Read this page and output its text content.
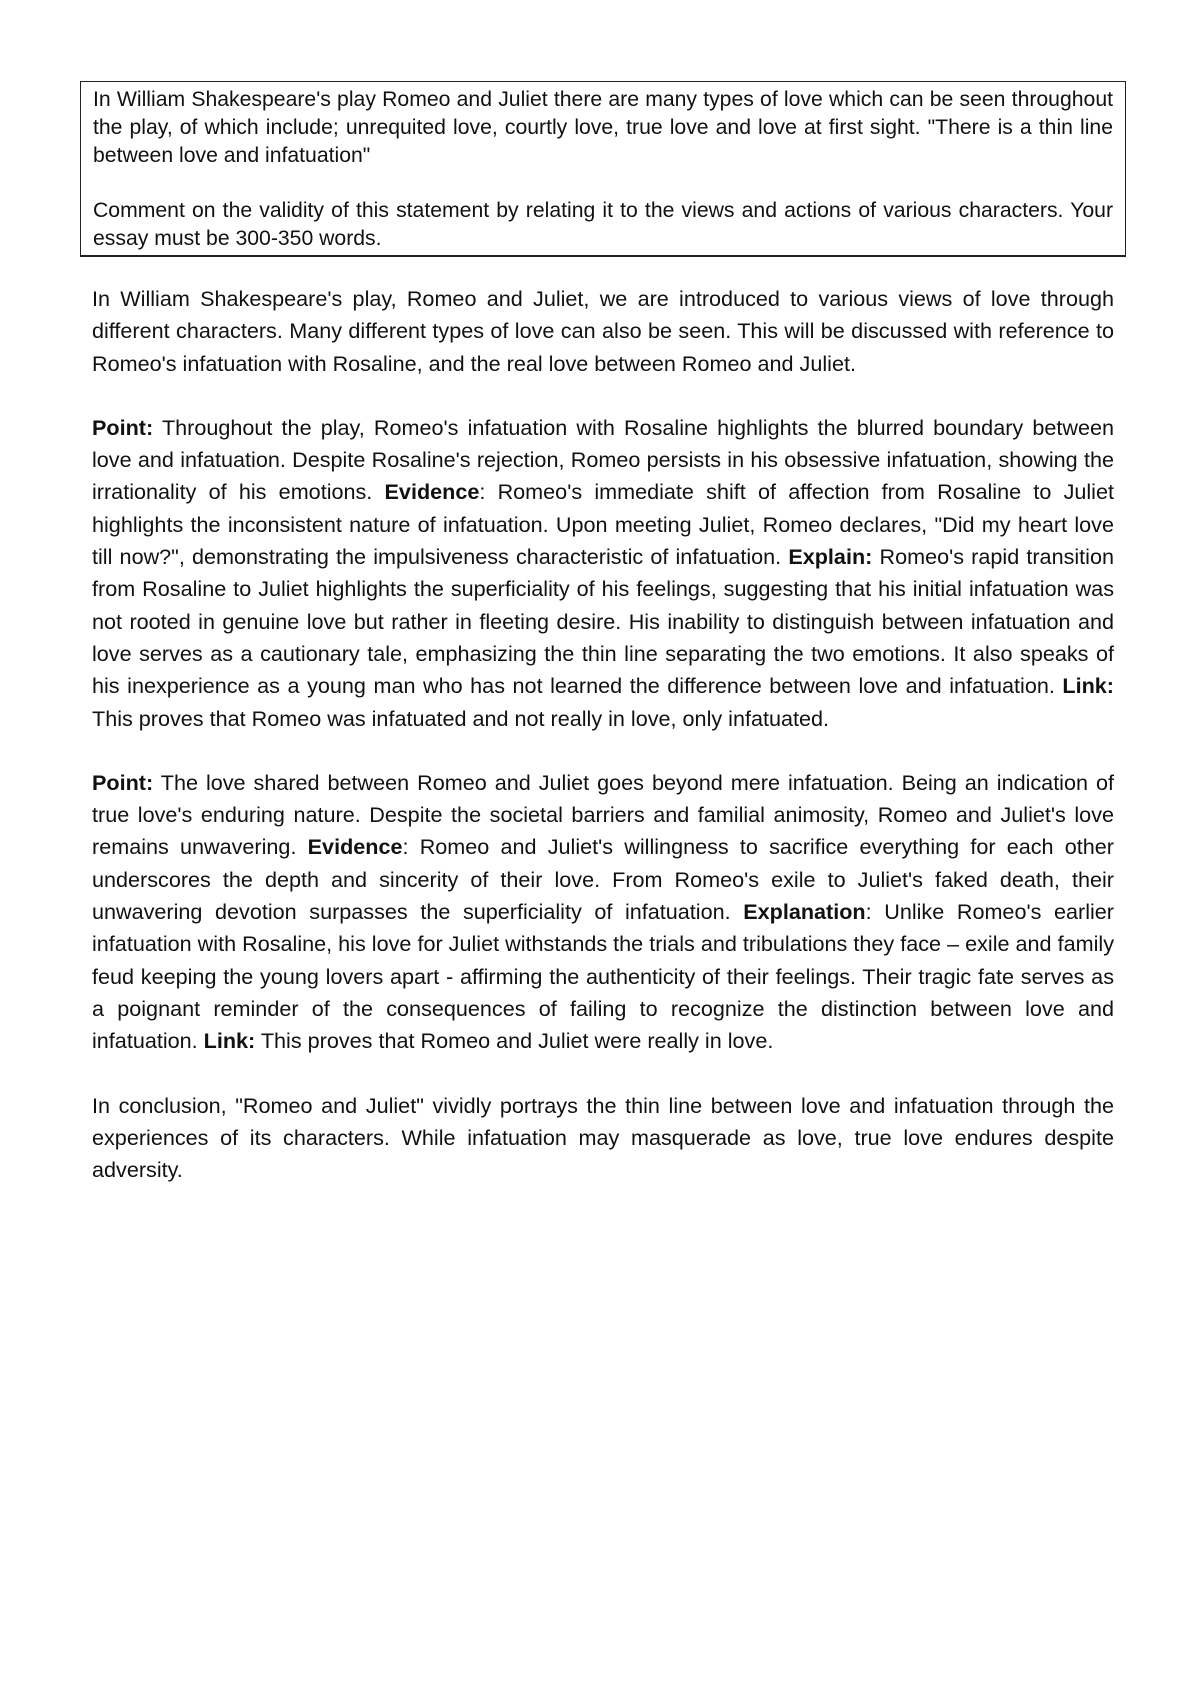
In William Shakespeare's play Romeo and Juliet there are many types of love which can be seen throughout the play, of which include; unrequited love, courtly love, true love and love at first sight. "There is a thin line between love and infatuation"

Comment on the validity of this statement by relating it to the views and actions of various characters. Your essay must be 300-350 words.

In William Shakespeare's play, Romeo and Juliet, we are introduced to various views of love through different characters. Many different types of love can also be seen. This will be discussed with reference to Romeo's infatuation with Rosaline, and the real love between Romeo and Juliet.

Point: Throughout the play, Romeo's infatuation with Rosaline highlights the blurred boundary between love and infatuation. Despite Rosaline's rejection, Romeo persists in his obsessive infatuation, showing the irrationality of his emotions. Evidence: Romeo's immediate shift of affection from Rosaline to Juliet highlights the inconsistent nature of infatuation. Upon meeting Juliet, Romeo declares, "Did my heart love till now?", demonstrating the impulsiveness characteristic of infatuation. Explain: Romeo's rapid transition from Rosaline to Juliet highlights the superficiality of his feelings, suggesting that his initial infatuation was not rooted in genuine love but rather in fleeting desire. His inability to distinguish between infatuation and love serves as a cautionary tale, emphasizing the thin line separating the two emotions. It also speaks of his inexperience as a young man who has not learned the difference between love and infatuation. Link: This proves that Romeo was infatuated and not really in love, only infatuated.

Point: The love shared between Romeo and Juliet goes beyond mere infatuation. Being an indication of true love's enduring nature. Despite the societal barriers and familial animosity, Romeo and Juliet's love remains unwavering. Evidence: Romeo and Juliet's willingness to sacrifice everything for each other underscores the depth and sincerity of their love. From Romeo's exile to Juliet's faked death, their unwavering devotion surpasses the superficiality of infatuation. Explanation: Unlike Romeo's earlier infatuation with Rosaline, his love for Juliet withstands the trials and tribulations they face – exile and family feud keeping the young lovers apart - affirming the authenticity of their feelings. Their tragic fate serves as a poignant reminder of the consequences of failing to recognize the distinction between love and infatuation. Link: This proves that Romeo and Juliet were really in love.

In conclusion, "Romeo and Juliet" vividly portrays the thin line between love and infatuation through the experiences of its characters. While infatuation may masquerade as love, true love endures despite adversity.
